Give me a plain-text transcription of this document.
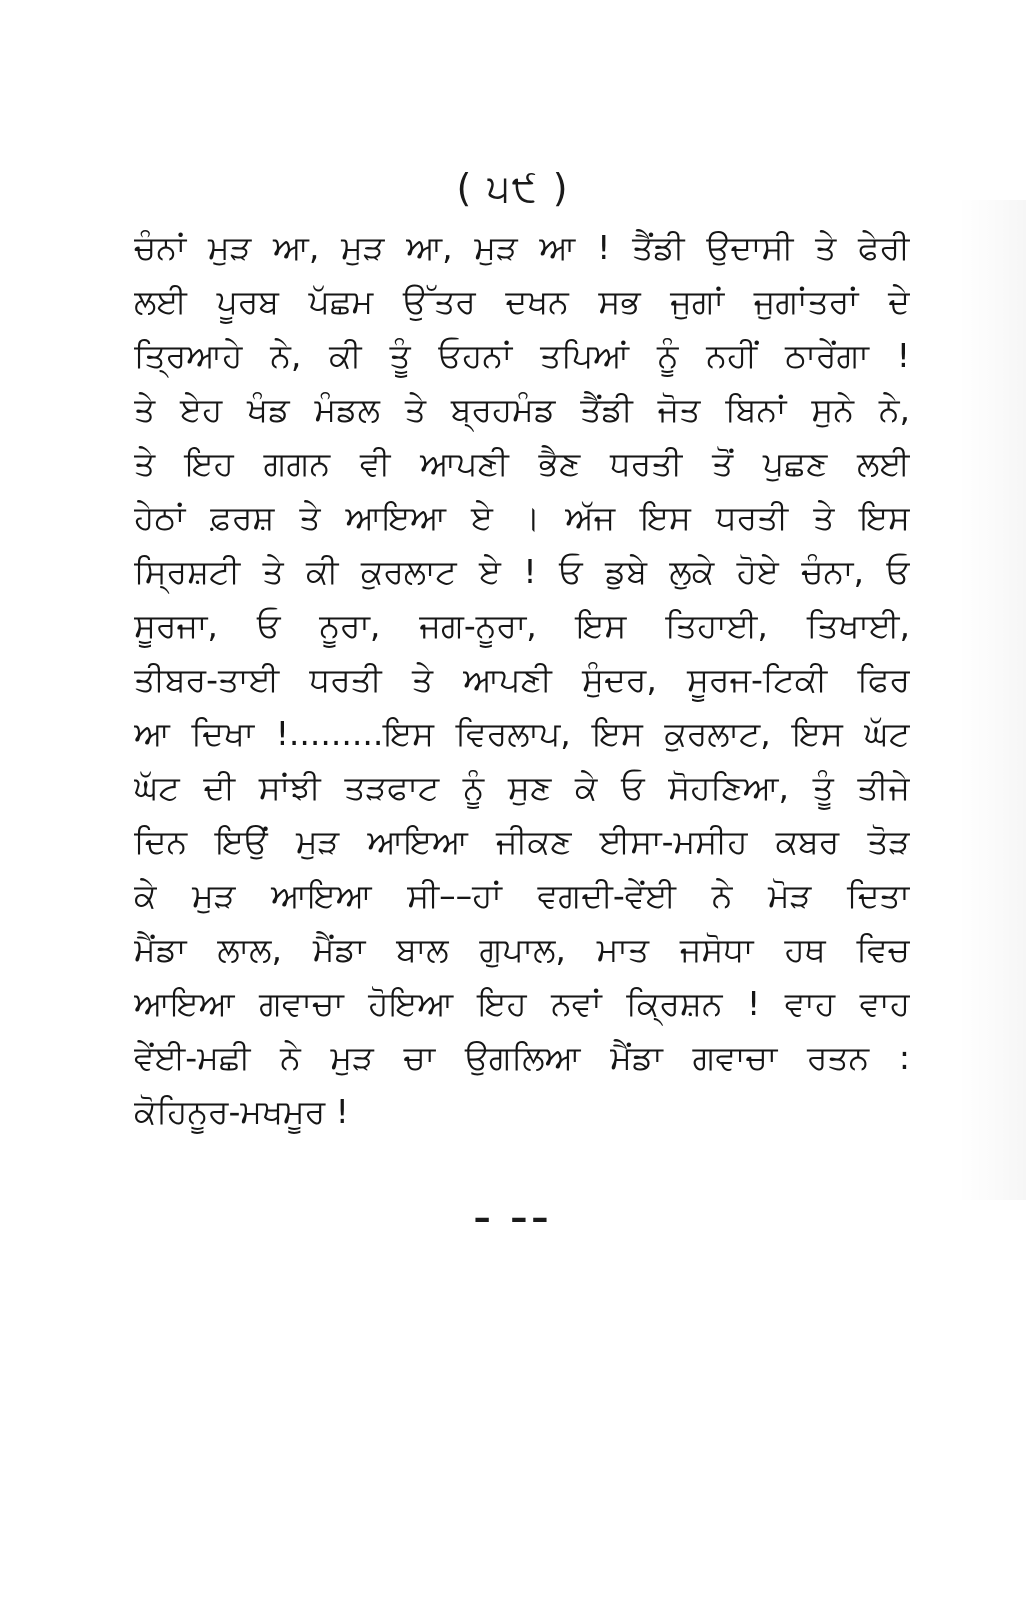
( ੫੯ )
ਚੰਨਾਂ ਮੁੜ ਆ, ਮੁੜ ਆ, ਮੁੜ ਆ ! ਤੈਂਡੀ ਉਦਾਸੀ ਤੇ ਫੇਰੀ
ਲਈ ਪੂਰਬ ਪੱਛਮ ਉੱਤਰ ਦਖਨ ਸਭ ਜੁਗਾਂ ਜੁਗਾਂਤਰਾਂ ਦੇ
ਤ੍ਰਿਆਹੇ ਨੇ, ਕੀ ਤੂੰ ਓਹਨਾਂ ਤਪਿਆਂ ਨੂੰ ਨਹੀਂ ਠਾਰੇਂਗਾ !
ਤੇ ਏਹ ਖੰਡ ਮੰਡਲ ਤੇ ਬ੍ਰਹਮੰਡ ਤੈਂਡੀ ਜੋਤ ਬਿਨਾਂ ਸੁਨੇ ਨੇ,
ਤੇ ਇਹ ਗਗਨ ਵੀ ਆਪਣੀ ਭੈਣ ਧਰਤੀ ਤੋਂ ਪੁਛਣ ਲਈ
ਹੇਠਾਂ ਫ਼ਰਸ਼ ਤੇ ਆਇਆ ਏ । ਅੱਜ ਇਸ ਧਰਤੀ ਤੇ ਇਸ
ਸ੍ਰਿਸ਼ਟੀ ਤੇ ਕੀ ਕੁਰਲਾਟ ਏ ! ਓ ਡੁਬੇ ਲੁਕੇ ਹੋਏ ਚੰਨਾ, ਓ
ਸੂਰਜਾ, ਓ ਨੂਰਾ, ਜਗ-ਨੂਰਾ, ਇਸ ਤਿਹਾਈ, ਤਿਖਾਈ,
ਤੀਬਰ-ਤਾਈ ਧਰਤੀ ਤੇ ਆਪਣੀ ਸੁੰਦਰ, ਸੂਰਜ-ਟਿਕੀ ਫਿਰ
ਆ ਦਿਖਾ !.........ਇਸ ਵਿਰਲਾਪ, ਇਸ ਕੁਰਲਾਟ, ਇਸ ਘੱਟ
ਘੱਟ ਦੀ ਸਾਂਝੀ ਤੜਫਾਟ ਨੂੰ ਸੁਣ ਕੇ ਓ ਸੋਹਣਿਆ, ਤੂੰ ਤੀਜੇ
ਦਿਨ ਇਉਂ ਮੁੜ ਆਇਆ ਜੀਕਣ ਈਸਾ-ਮਸੀਹ ਕਬਰ ਤੋੜ
ਕੇ ਮੁੜ ਆਇਆ ਸੀ––ਹਾਂ ਵਗਦੀ-ਵੇਂਈ ਨੇ ਮੋੜ ਦਿਤਾ
ਮੈਂਡਾ ਲਾਲ, ਮੈਂਡਾ ਬਾਲ ਗੁਪਾਲ, ਮਾਤ ਜਸੋਧਾ ਹਥ ਵਿਚ
ਆਇਆ ਗਵਾਚਾ ਹੋਇਆ ਇਹ ਨਵਾਂ ਕ੍ਰਿਸ਼ਨ ! ਵਾਹ ਵਾਹ
ਵੇਂਈ-ਮਛੀ ਨੇ ਮੁੜ ਚਾ ਉਗਲਿਆ ਮੈਂਡਾ ਗਵਾਚਾ ਰਤਨ :
ਕੋਹਿਨੂਰ-ਮਖਮੂਰ !
– ––
